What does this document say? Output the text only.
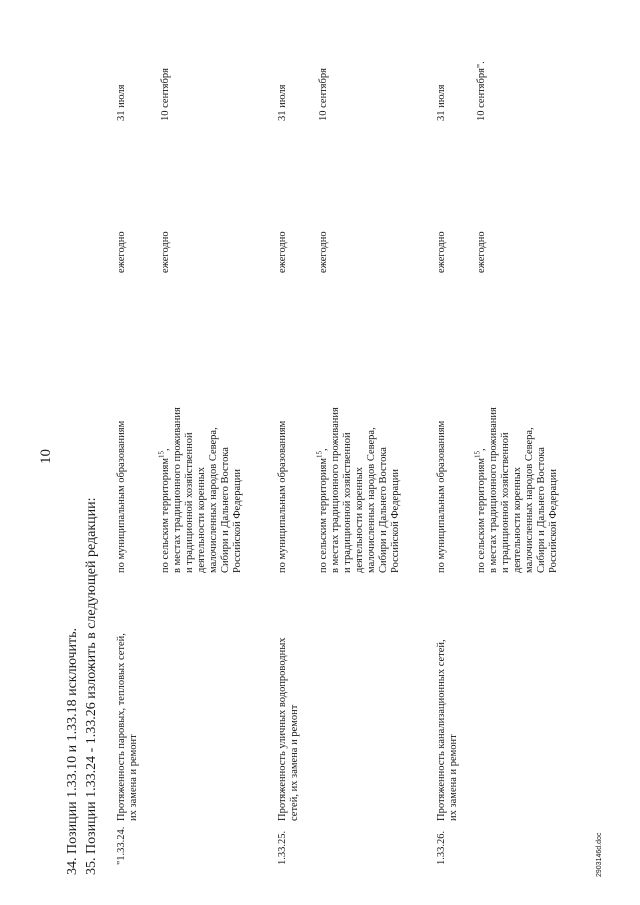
10
34. Позиции 1.33.10 и 1.33.18 исключить. 35. Позиции 1.33.24 - 1.33.26 изложить в следующей редакции: "1.33.24.
Протяженность паровых, тепловых сетей, их замена и ремонт
по муниципальным образованиям
ежегодно
31 июля
по сельским территориям$^{15}$, в местах традиционного проживания и традиционной хозяйственной деятельности коренных малочисленных народов Севера, Сибири и Дальнего Востока Российской Федерации
ежегодно
10 сентября
1.33.25.
Протяженность уличных водопроводных сетей, их замена и ремонт
по муниципальным образованиям
ежегодно
31 июля
по сельским территориям$^{15}$, в местах традиционного проживания и традиционной хозяйственной деятельности коренных малочисленных народов Севера, Сибири и Дальнего Востока Российской Федерации
ежегодно
10 сентября
1.33.26.
Протяженность канализационных сетей, их замена и ремонт
по муниципальным образованиям
ежегодно
31 июля
по сельским территориям$^{15}$, в местах традиционного проживания и традиционной хозяйственной деятельности коренных малочисленных народов Севера, Сибири и Дальнего Востока Российской Федерации
ежегодно
10 сентября".
2903146d.doc
